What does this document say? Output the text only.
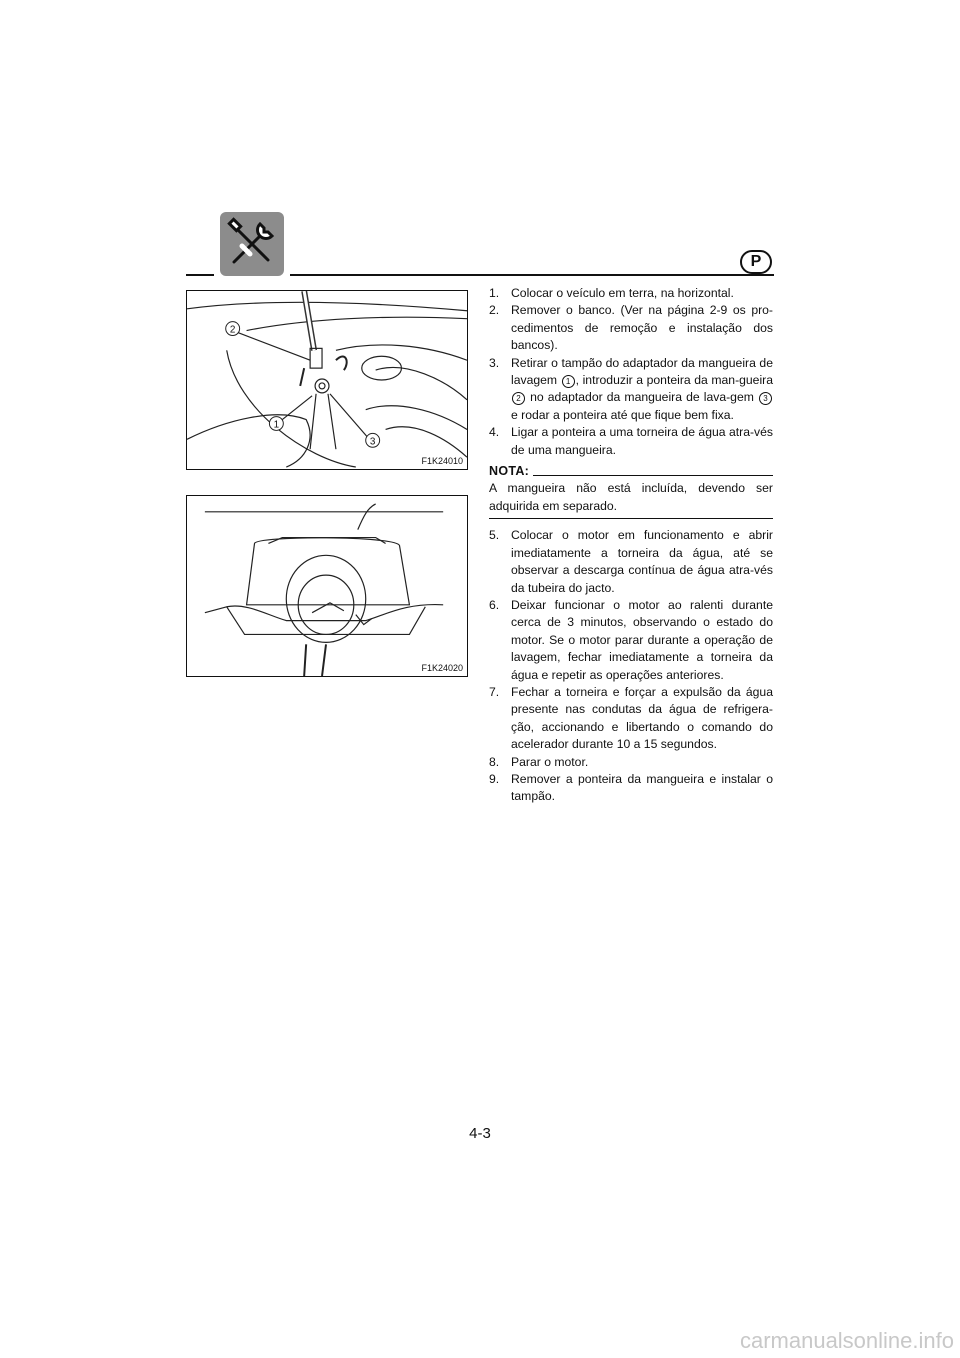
P
2
1
3
F1K24010
F1K24020
1. Colocar o veículo em terra, na horizontal.
2. Remover o banco. (Ver na página 2-9 os pro-cedimentos de remoção e instalação dos bancos).
3. Retirar o tampão do adaptador da mangueira de lavagem 1 , introduzir a ponteira da man-gueira 2 no adaptador da mangueira de lava-gem 3 e rodar a ponteira até que fique bem fixa.
4. Ligar a ponteira a uma torneira de água atra-vés de uma mangueira.
NOTA:
A mangueira não está incluída, devendo ser adquirida em separado.
5. Colocar o motor em funcionamento e abrir imediatamente a torneira da água, até se observar a descarga contínua de água atra-vés da tubeira do jacto.
6. Deixar funcionar o motor ao ralenti durante cerca de 3 minutos, observando o estado do motor. Se o motor parar durante a operação de lavagem, fechar imediatamente a torneira da água e repetir as operações anteriores.
7. Fechar a torneira e forçar a expulsão da água presente nas condutas da água de refrigera-ção, accionando e libertando o comando do acelerador durante 10 a 15 segundos.
8. Parar o motor.
9. Remover a ponteira da mangueira e instalar o tampão.
4-3
carmanualsonline.info
